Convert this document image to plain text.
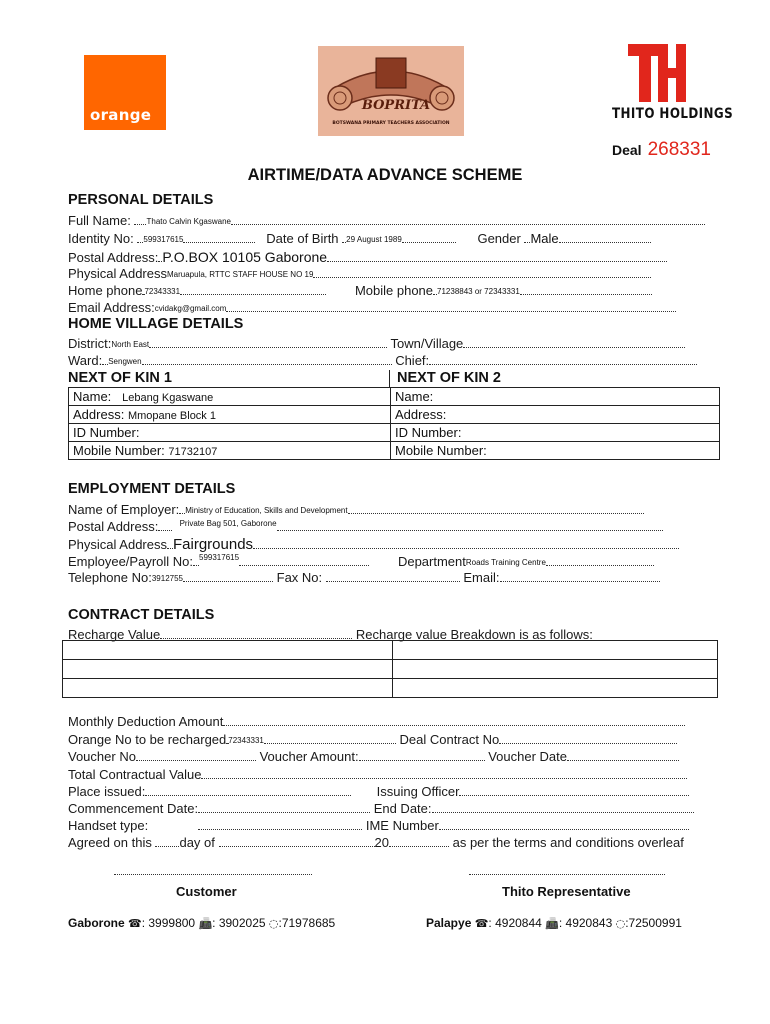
orange
BOPRITA
BOTSWANA PRIMARY TEACHERS ASSOCIATION
THITO HOLDINGS
Deal 268331
AIRTIME/DATA ADVANCE SCHEME
PERSONAL DETAILS
Full Name: Thato Calvin Kgaswane
Identity No: 599317615	Date of Birth 29 August 1989	Gender Male
Postal Address: P.O.BOX 10105 Gaborone
Physical AddressMaruapula, RTTC STAFF HOUSE NO 19
Home phone 72343331	Mobile phone 71238843 or 72343331
Email Address:cvidakg@gmail.com
HOME VILLAGE DETAILS
District:North East	Town/Village
Ward: Sengwen	Chief:
NEXT OF KIN 1	NEXT OF KIN 2
Name: Lebang Kgaswane	Name:
Address: Mmopane Block 1	Address:
ID Number:	ID Number:
Mobile Number: 71732107	Mobile Number:
EMPLOYMENT DETAILS
Name of Employer: Ministry of Education, Skills and Development
Postal Address:	$^{Private Bag 501, Gaborone}$
Physical Address Fairgrounds
Employee/Payroll No: $^{599317615}$	DepartmentRoads Training Centre
Telephone No:3912755	Fax No:	Email:
CONTRACT DETAILS
Recharge Value	Recharge value Breakdown is as follows:

Monthly Deduction Amount
Orange No to be recharged 72343331	Deal Contract No
Voucher No	Voucher Amount:	Voucher Date
Total Contractual Value
Place issued:	Issuing Officer
Commencement Date:	End Date:
Handset type:	IME Number
Agreed on this day of	20	as per the terms and conditions overleaf
Customer	Thito Representative
Gaborone ☎: 3999800 📠: 3902025 ◌:71978685	Palapye ☎: 4920844 📠: 4920843 ◌:72500991
